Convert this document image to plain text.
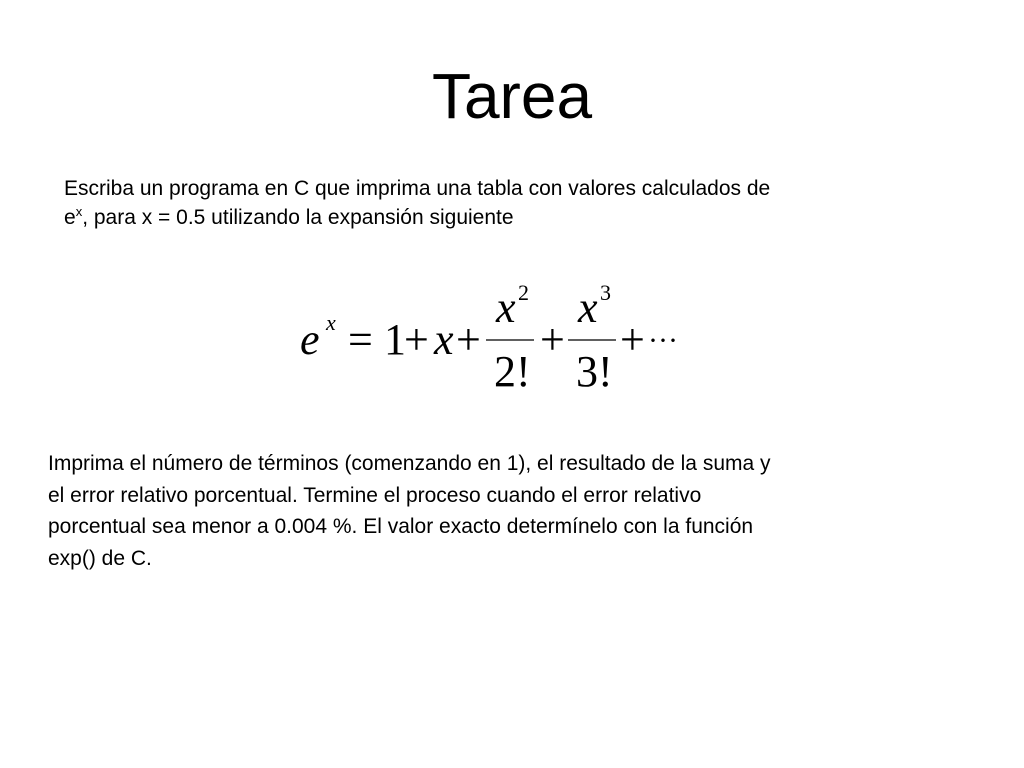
Tarea
Escriba un programa en C que imprima una tabla con valores calculados de
$e^x$, para x = 0.5 utilizando la expansión siguiente
e x = 1
+ x +
x 2
2!
+
x 3
3!
+ ···
Imprima el número de términos (comenzando en 1), el resultado de la suma y
el error relativo porcentual. Termine el proceso cuando el error relativo
porcentual sea menor a 0.004 %. El valor exacto determínelo con la función
exp() de C.
